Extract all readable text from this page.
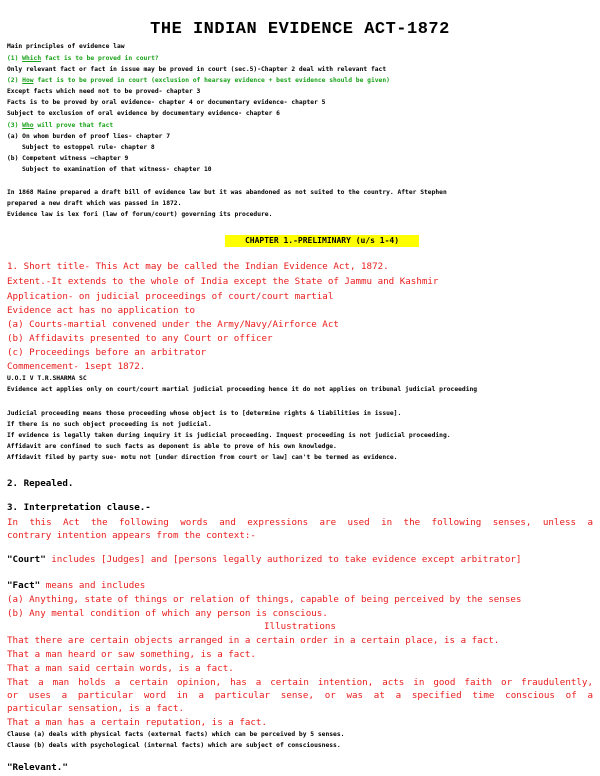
THE INDIAN EVIDENCE ACT-1872
Main principles of evidence law
(1) Which fact is to be proved in court?
Only relevant fact or fact in issue may be proved in court (sec.5)-Chapter 2 deal with relevant fact
(2) How fact is to be proved in court (exclusion of hearsay evidence + best evidence should be given)
Except facts which need not to be proved- chapter 3
Facts is to be proved by oral evidence- chapter 4 or documentary evidence- chapter 5
Subject to exclusion of oral evidence by documentary evidence- chapter 6
(3) Who will prove that fact
(a) On whom burden of proof lies- chapter 7
Subject to estoppel rule- chapter 8
(b) Competent witness –chapter 9
Subject to examination of that witness- chapter 10
In 1868 Maine prepared a draft bill of evidence law but it was abandoned as not suited to the country. After Stephen
prepared a new draft which was passed in 1872.
Evidence law is lex fori (law of forum/court) governing its procedure.
CHAPTER 1.-PRELIMINARY (u/s 1-4)
1. Short title- This Act may be called the Indian Evidence Act, 1872.
Extent.-It extends to the whole of India except the State of Jammu and Kashmir
Application- on judicial proceedings of court/court martial
Evidence act has no application to
(a) Courts-martial convened under the Army/Navy/Airforce Act
(b) Affidavits presented to any Court or officer
(c) Proceedings before an arbitrator
Commencement- 1sept 1872.
U.O.I V T.R.SHARMA SC
Evidence act applies only on court/court martial judicial proceeding hence it do not applies on tribunal judicial proceeding
Judicial proceeding means those proceeding whose object is to [determine rights & liabilities in issue].
If there is no such object proceeding is not judicial.
If evidence is legally taken during inquiry it is judicial proceeding. Inquest proceeding is not judicial proceeding.
Affidavit are confined to such facts as deponent is able to prove of his own knowledge.
Affidavit filed by party sue- motu not [under direction from court or law] can't be termed as evidence.
2. Repealed.
3. Interpretation clause.-
In this Act the following words and expressions are used in the following senses, unless a
contrary intention appears from the context:-
"Court" includes [Judges] and [persons legally authorized to take evidence except arbitrator]
"Fact" means and includes
(a) Anything, state of things or relation of things, capable of being perceived by the senses
(b) Any mental condition of which any person is conscious.
Illustrations
That there are certain objects arranged in a certain order in a certain place, is a fact.
That a man heard or saw something, is a fact.
That a man said certain words, is a fact.
That a man holds a certain opinion, has a certain intention, acts in good faith or fraudulently,
or uses a particular word in a particular sense, or was at a specified time conscious of a
particular sensation, is a fact.
That a man has a certain reputation, is a fact.
Clause (a) deals with physical facts (external facts) which can be perceived by 5 senses.
Clause (b) deals with psychological (internal facts) which are subject of consciousness.
"Relevant."
